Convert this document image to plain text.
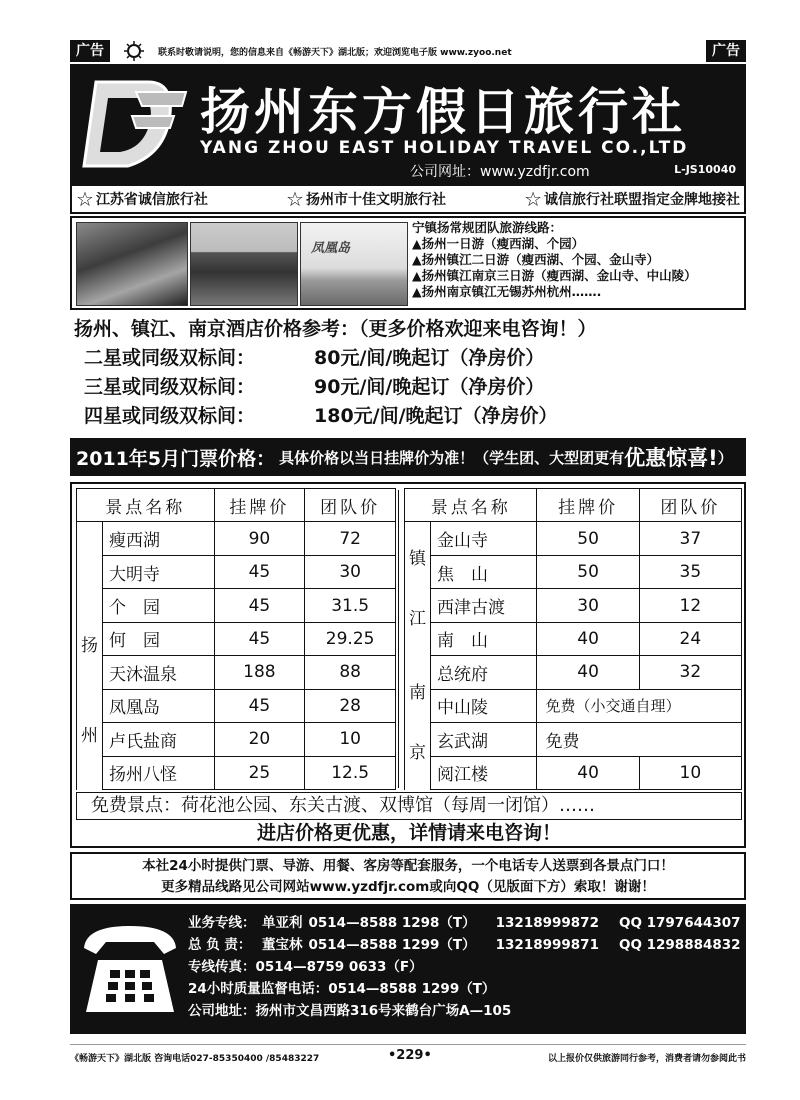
广告	联系时敬请说明，您的信息来自《畅游天下》湖北版；欢迎浏览电子版 www.zyoo.net	广告
扬州东方假日旅行社
YANG ZHOU EAST HOLIDAY TRAVEL CO.,LTD
公司网址：www.yzdfjr.com	L-JS10040
☆ 江苏省诚信旅行社	☆ 扬州市十佳文明旅行社	☆ 诚信旅行社联盟指定金牌地接社
凤凰岛
宁镇扬常规团队旅游线路：
▲扬州一日游（瘦西湖、个园）
▲扬州镇江二日游（瘦西湖、个园、金山寺）
▲扬州镇江南京三日游（瘦西湖、金山寺、中山陵）
▲扬州南京镇江无锡苏州杭州…….
扬州、镇江、南京酒店价格参考：（更多价格欢迎来电咨询！）
二星或同级双标间：	80元/间/晚起订（净房价）
三星或同级双标间：	90元/间/晚起订（净房价）
四星或同级双标间：	180元/间/晚起订（净房价）
2011年5月门票价格： 具体价格以当日挂牌价为准！（学生团、大型团更有 优惠惊喜! ）
景点名称		挂牌价	团队价

扬
州	瘦西湖	90	72
	大明寺	45	30
	个　园	45	31.5
	何　园	45	29.25
	天沐温泉	188	88
	凤凰岛	45	28
	卢氏盐商	20	10
	扬州八怪	25	12.5
景点名称		挂牌价	团队价

镇
江	金山寺	50	37
	焦　山	50	35
	西津古渡	30	12
	南　山	40	24

南
京	总统府	40	32
	中山陵	免费（小交通自理）	
	玄武湖	免费	
	阅江楼	40	10
免费景点：荷花池公园、东关古渡、双博馆（每周一闭馆）……
进店价格更优惠，详情请来电咨询！
本社24小时提供门票、导游、用餐、客房等配套服务，一个电话专人送票到各景点门口！
更多精品线路见公司网站www.yzdfjr.com或向QQ（见版面下方）索取！谢谢！
业务专线： 单亚利 0514—8588 1298（T） 13218999872 QQ 1797644307
总 负 责： 董宝林 0514—8588 1299（T） 13218999871 QQ 1298884832
专线传真：0514—8759 0633（F）
24小时质量监督电话：0514—8588 1299（T）
公司地址：扬州市文昌西路316号来鹤台广场A—105
《畅游天下》湖北版 咨询电话027-85350400 /85483227	•229•	以上报价仅供旅游同行参考，消费者请勿参阅此书
